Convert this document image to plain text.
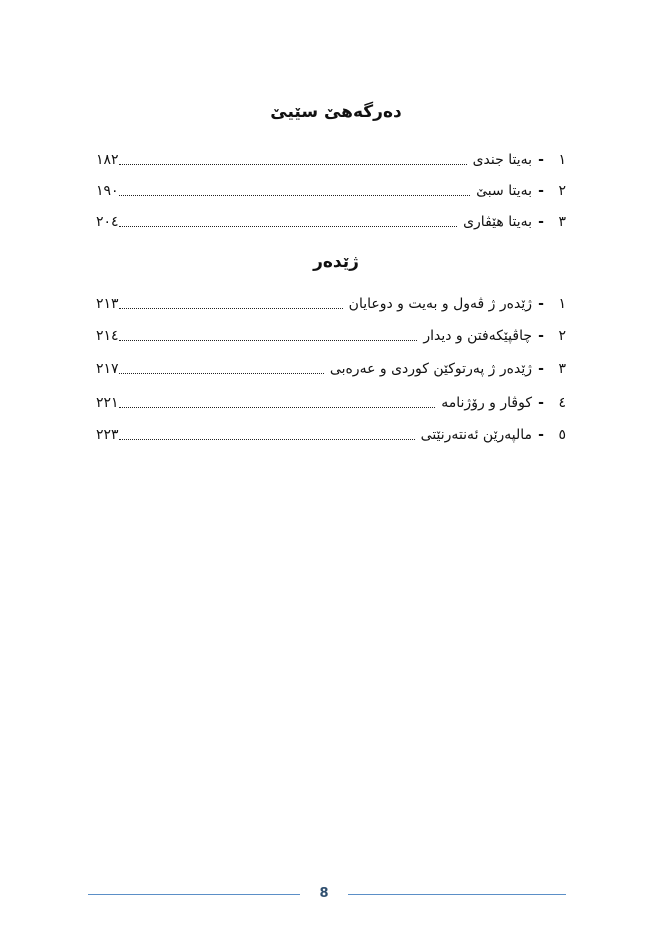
دەرگەهێ سێیێ
١
-
بەیتا جندی
١٨٢
٢
-
بەیتا سبێ
١٩٠
٣
-
بەیتا هێڤاری
٢٠٤
ژێدەر
١
-
ژێدەر ژ ڤەول و بەیت و دوعایان
٢١٣
٢
-
چاڤپێکەفتن و دیدار
٢١٤
٣
-
ژێدەر ژ پەرتوکێن کوردی و عەرەبی
٢١٧
٤
-
کوڤار و رۆژنامە
٢٢١
٥
-
مالپەرێن ئەنتەرنێتی
٢٢٣
8
